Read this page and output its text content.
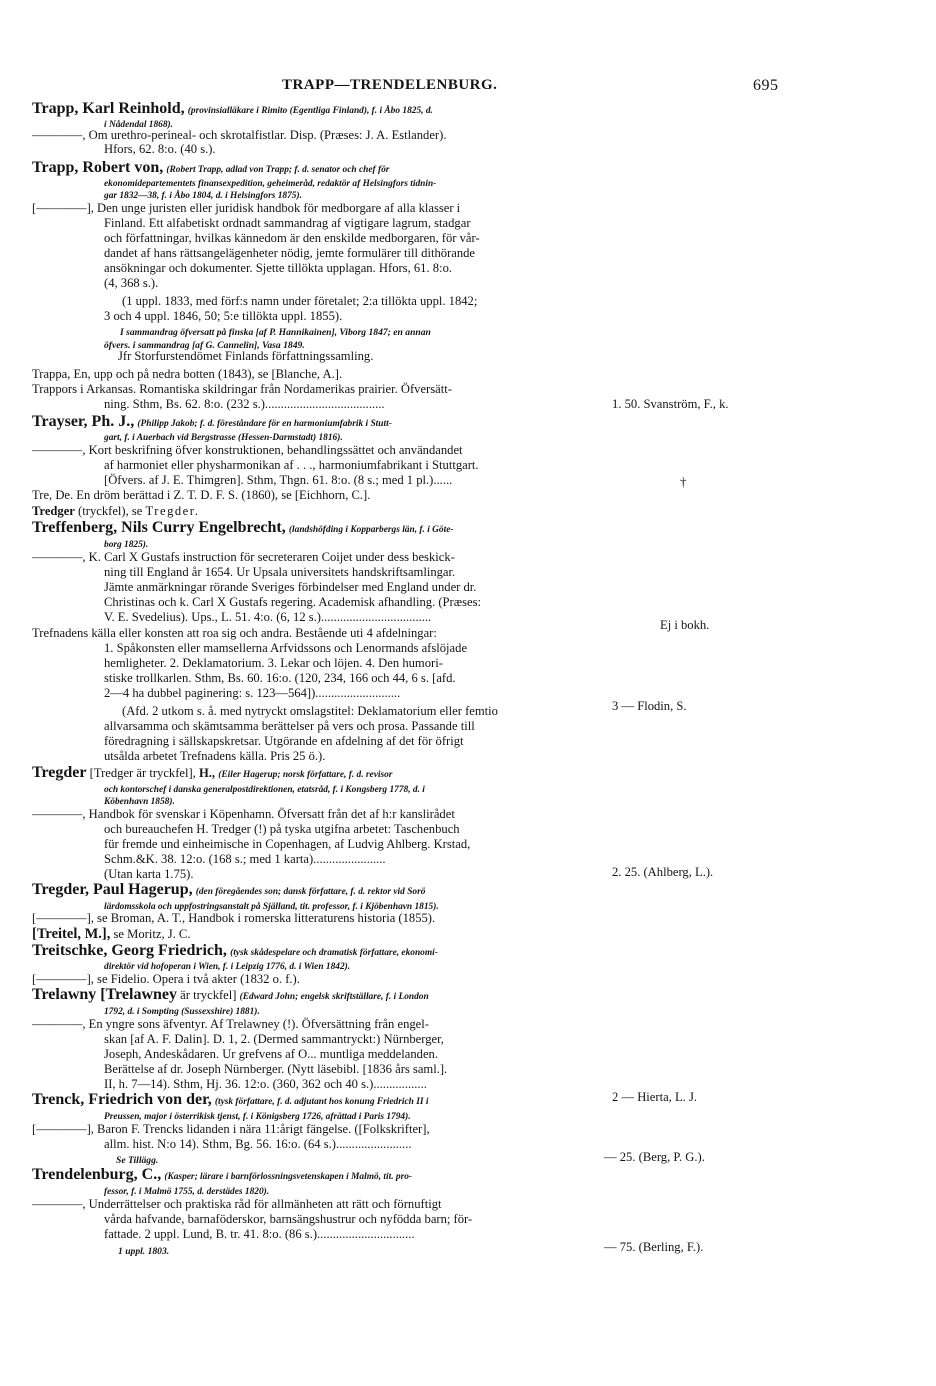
TRAPP—TRENDELENBURG.	695
Trapp, Karl Reinhold, (provinsialläkare i Rimito (Egentliga Finland), f. i Åbo 1825, d.
i Nådendal 1868).
————, Om urethro-perineal- och skrotalfistlar. Disp. (Præses: J. A. Estlander).
Hfors, 62. 8:o. (40 s.).
Trapp, Robert von, (Robert Trapp, adlad von Trapp; f. d. senator och chef för
ekonomidepartementets finansexpedition, geheimeråd, redaktör af Helsingfors tidnin-
gar 1832—38, f. i Åbo 1804, d. i Helsingfors 1875).
[————], Den unge juristen eller juridisk handbok för medborgare af alla klasser i
Finland. Ett alfabetiskt ordnadt sammandrag af vigtigare lagrum, stadgar
och författningar, hvilkas kännedom är den enskilde medborgaren, för vår-
dandet af hans rättsangelägenheter nödig, jemte formulärer till dithörande
ansökningar och dokumenter. Sjette tillökta upplagan. Hfors, 61. 8:o.
(4, 368 s.).
(1 uppl. 1833, med förf:s namn under företalet; 2:a tillökta uppl. 1842;
3 och 4 uppl. 1846, 50; 5:e tillökta uppl. 1855).
I sammandrag öfversatt på finska [af P. Hannikainen], Viborg 1847; en annan
öfvers. i sammandrag [af G. Cannelin], Vasa 1849.
Jfr Storfurstendömet Finlands författningssamling.
Trappa, En, upp och på nedra botten (1843), se [Blanche, A.].
Trappors i Arkansas. Romantiska skildringar från Nordamerikas prairier. Öfversätt-
ning. Sthm, Bs. 62. 8:o. (232 s.)......................................
Trayser, Ph. J., (Philipp Jakob; f. d. föreståndare för en harmoniumfabrik i Stutt-
gart, f. i Auerbach vid Bergstrasse (Hessen-Darmstadt) 1816).
————, Kort beskrifning öfver konstruktionen, behandlingssättet och användandet
af harmoniet eller physharmonikan af . . ., harmoniumfabrikant i Stuttgart.
[Öfvers. af J. E. Thimgren]. Sthm, Thgn. 61. 8:o. (8 s.; med 1 pl.)......
Tre, De. En dröm berättad i Z. T. D. F. S. (1860), se [Eichhorn, C.].
Tredger (tryckfel), se Tregder.
Treffenberg, Nils Curry Engelbrecht, (landshöfding i Kopparbergs län, f. i Göte-
borg 1825).
————, K. Carl X Gustafs instruction för secreteraren Coijet under dess beskick-
ning till England år 1654. Ur Upsala universitets handskriftsamlingar.
Jämte anmärkningar rörande Sveriges förbindelser med England under dr.
Christinas och k. Carl X Gustafs regering. Academisk afhandling. (Præses:
V. E. Svedelius). Ups., L. 51. 4:o. (6, 12 s.)...................................
Trefnadens källa eller konsten att roa sig och andra. Bestående uti 4 afdelningar:
1. Spåkonsten eller mamsellerna Arfvidssons och Lenormands afslöjade
hemligheter. 2. Deklamatorium. 3. Lekar och löjen. 4. Den humori-
stiske trollkarlen. Sthm, Bs. 60. 16:o. (120, 234, 166 och 44, 6 s. [afd.
2—4 ha dubbel paginering: s. 123—564])...........................
(Afd. 2 utkom s. å. med nytryckt omslagstitel: Deklamatorium eller femtio
allvarsamma och skämtsamma berättelser på vers och prosa. Passande till
föredragning i sällskapskretsar. Utgörande en afdelning af det för öfrigt
utsålda arbetet Trefnadens källa. Pris 25 ö.).
Tregder [Tredger är tryckfel], H., (Eiler Hagerup; norsk författare, f. d. revisor
och kontorschef i danska generalpostdirektionen, etatsråd, f. i Kongsberg 1778, d. i
Köbenhavn 1858).
————, Handbok för svenskar i Köpenhamn. Öfversatt från det af h:r kanslirådet
och bureauchefen H. Tredger (!) på tyska utgifna arbetet: Taschenbuch
für fremde und einheimische in Copenhagen, af Ludvig Ahlberg. Krstad,
Schm.&K. 38. 12:o. (168 s.; med 1 karta).......................
(Utan karta 1.75).
Tregder, Paul Hagerup, (den föregåendes son; dansk författare, f. d. rektor vid Sorö
lärdomsskola och uppfostringsanstalt på Själland, tit. professor, f. i Kjöbenhavn 1815).
[————], se Broman, A. T., Handbok i romerska litteraturens historia (1855).
[Treitel, M.], se Moritz, J. C.
Treitschke, Georg Friedrich, (tysk skådespelare och dramatisk författare, ekonomi-
direktör vid hofoperan i Wien, f. i Leipzig 1776, d. i Wien 1842).
[————], se Fidelio. Opera i två akter (1832 o. f.).
Trelawny [Trelawney är tryckfel] (Edward John; engelsk skriftställare, f. i London
1792, d. i Sompting (Sussexshire) 1881).
————, En yngre sons äfventyr. Af Trelawney (!). Öfversättning från engel-
skan [af A. F. Dalin]. D. 1, 2. (Dermed sammantryckt:) Nürnberger,
Joseph, Andeskådaren. Ur grefvens af O... muntliga meddelanden.
Berättelse af dr. Joseph Nürnberger. (Nytt läsebibl. [1836 års saml.].
II, h. 7—14). Sthm, Hj. 36. 12:o. (360, 362 och 40 s.).................
Trenck, Friedrich von der, (tysk författare, f. d. adjutant hos konung Friedrich II i
Preussen, major i österrikisk tjenst, f. i Königsberg 1726, afrättad i Paris 1794).
[————], Baron F. Trencks lidanden i nära 11:årigt fängelse. ([Folkskrifter],
allm. hist. N:o 14). Sthm, Bg. 56. 16:o. (64 s.)........................
Se Tillägg.
Trendelenburg, C., (Kasper; lärare i barnförlossningsvetenskapen i Malmö, tit. pro-
fessor, f. i Malmö 1755, d. derstädes 1820).
————, Underrättelser och praktiska råd för allmänheten att rätt och förnuftigt
vårda hafvande, barnaföderskor, barnsängshustrur och nyfödda barn; för-
fattade. 2 uppl. Lund, B. tr. 41. 8:o. (86 s.)...............................
1 uppl. 1803.
1. 50. Svanström, F., k.
Ej i bokh.
3 — Flodin, S.
2. 25. (Ahlberg, L.).
2 — Hierta, L. J.
— 25. (Berg, P. G.).
— 75. (Berling, F.).
†
